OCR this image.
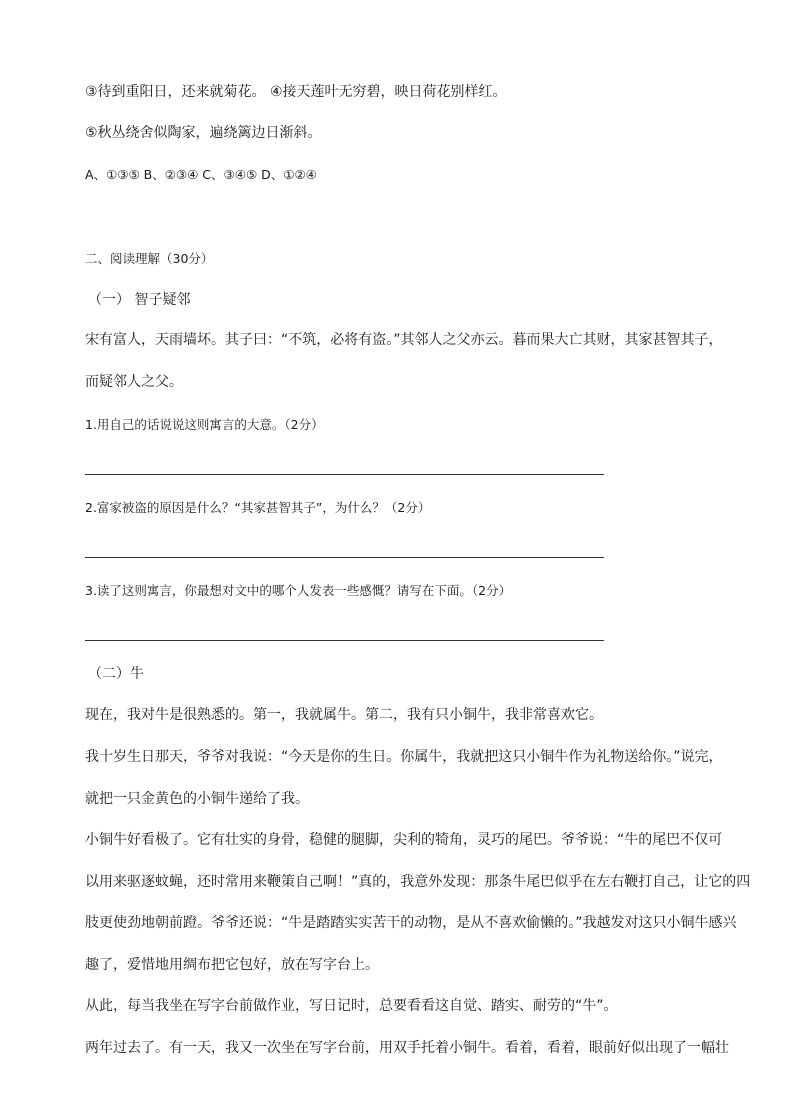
③待到重阳日，还来就菊花。 ④接天莲叶无穷碧，映日荷花别样红。
⑤秋丛绕舍似陶家，遍绕篱边日渐斜。
A、①③⑤ B、②③④ C、③④⑤ D、①②④
二、阅读理解（30分）
（一） 智子疑邻
宋有富人，天雨墙坏。其子曰：“不筑，必将有盗。”其邻人之父亦云。暮而果大亡其财，其家甚智其子，
而疑邻人之父。
1.用自己的话说说这则寓言的大意。（2分）
2.富家被盗的原因是什么？“其家甚智其子”，为什么？（2分）
3.读了这则寓言，你最想对文中的哪个人发表一些感慨？请写在下面。（2分）
（二）牛
现在，我对牛是很熟悉的。第一，我就属牛。第二，我有只小铜牛，我非常喜欢它。
我十岁生日那天，爷爷对我说：“今天是你的生日。你属牛，我就把这只小铜牛作为礼物送给你。”说完，
就把一只金黄色的小铜牛递给了我。
小铜牛好看极了。它有壮实的身骨，稳健的腿脚，尖利的犄角，灵巧的尾巴。爷爷说：“牛的尾巴不仅可
以用来驱逐蚊蝇，还时常用来鞭策自己啊！”真的，我意外发现：那条牛尾巴似乎在左右鞭打自己，让它的四
肢更使劲地朝前蹬。爷爷还说：“牛是踏踏实实苦干的动物，是从不喜欢偷懒的。”我越发对这只小铜牛感兴
趣了，爱惜地用绸布把它包好，放在写字台上。
从此，每当我坐在写字台前做作业，写日记时，总要看看这自觉、踏实、耐劳的“牛”。
两年过去了。有一天，我又一次坐在写字台前，用双手托着小铜牛。看着，看着，眼前好似出现了一幅壮
